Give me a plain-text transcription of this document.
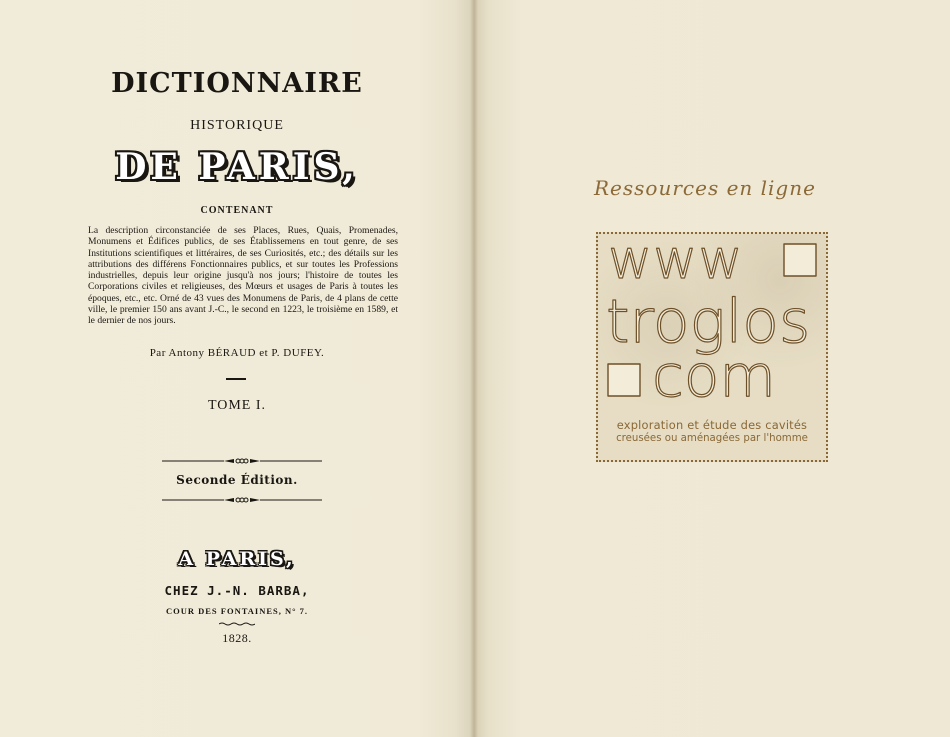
DICTIONNAIRE
HISTORIQUE
DE PARIS,
CONTENANT
La description circonstanciée de ses Places, Rues, Quais, Promenades, Monumens et Édifices publics, de ses Établissemens en tout genre, de ses Institutions scientifiques et littéraires, de ses Curiosités, etc.; des détails sur les attributions des différens Fonctionnaires publics, et sur toutes les Professions industrielles, depuis leur origine jusqu'à nos jours; l'histoire de toutes les Corporations civiles et religieuses, des Mœurs et usages de Paris à toutes les époques, etc., etc. Orné de 43 vues des Monumens de Paris, de 4 plans de cette ville, le premier 150 ans avant J.-C., le second en 1223, le troisième en 1589, et le dernier de nos jours.
Par Antony BÉRAUD et P. DUFEY.
TOME I.
Seconde Édition.
A PARIS,
CHEZ J.-N. BARBA,
COUR DES FONTAINES, N° 7.
1828.
Ressources en ligne
www
troglos
com
exploration et étude des cavités
creusées ou aménagées par l'homme
